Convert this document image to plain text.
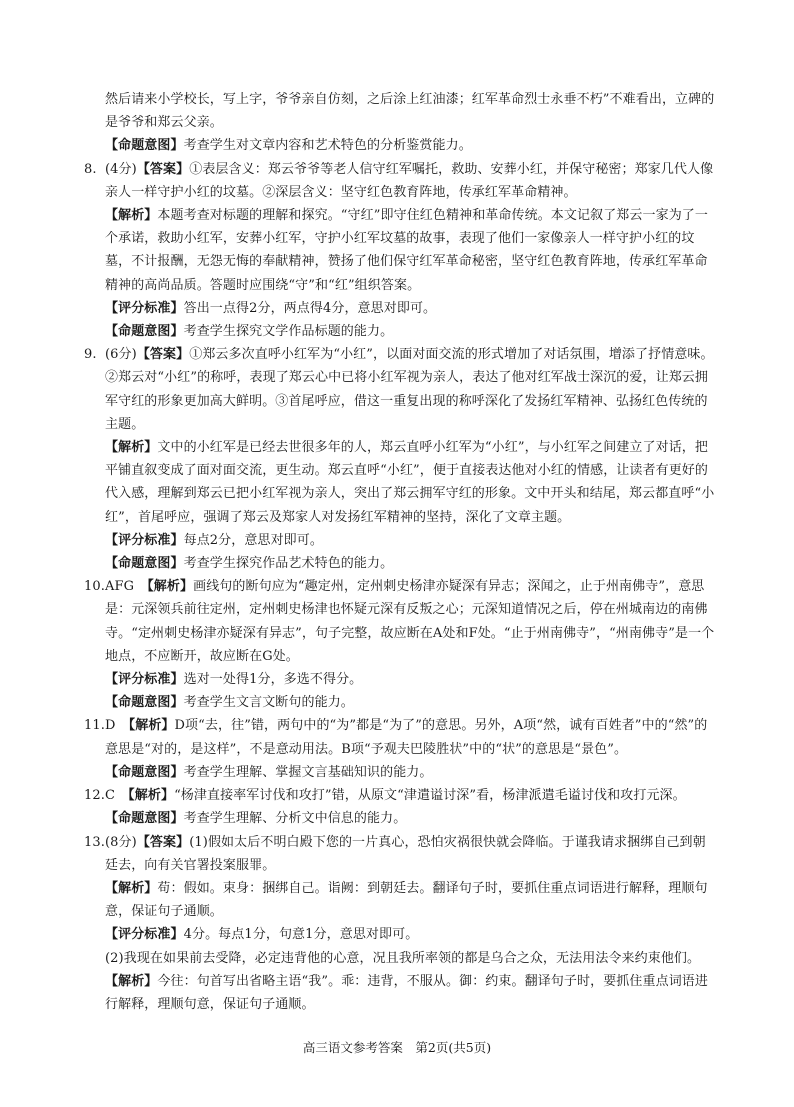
然后请来小学校长，写上字，爷爷亲自仿刻，之后涂上红油漆；红军革命烈士永垂不朽”不难看出，立碑的是爷爷和郑云父亲。

【命题意图】考查学生对文章内容和艺术特色的分析鉴赏能力。

8. (4分)【答案】①表层含义：郑云爷爷等老人信守红军嘱托，救助、安葬小红，并保守秘密；郑家几代人像亲人一样守护小红的坟墓。②深层含义：坚守红色教育阵地，传承红军革命精神。

【解析】本题考查对标题的理解和探究。“守红”即守住红色精神和革命传统。本文记叙了郑云一家为了一个承诺，救助小红军，安葬小红军，守护小红军坟墓的故事，表现了他们一家像亲人一样守护小红的坟墓，不计报酬，无怨无悔的奉献精神，赞扬了他们保守红军革命秘密，坚守红色教育阵地，传承红军革命精神的高尚品质。答题时应围绕“守”和“红”组织答案。

【评分标准】答出一点得2分，两点得4分，意思对即可。

【命题意图】考查学生探究文学作品标题的能力。

9. (6分)【答案】①郑云多次直呼小红军为“小红”，以面对面交流的形式增加了对话氛围，增添了抒情意味。②郑云对“小红”的称呼，表现了郑云心中已将小红军视为亲人，表达了他对红军战士深沉的爱，让郑云拥军守红的形象更加高大鲜明。③首尾呼应，借这一重复出现的称呼深化了发扬红军精神、弘扬红色传统的主题。

【解析】文中的小红军是已经去世很多年的人，郑云直呼小红军为“小红”，与小红军之间建立了对话，把平铺直叙变成了面对面交流，更生动。郑云直呼“小红”，便于直接表达他对小红的情感，让读者有更好的代入感，理解到郑云已把小红军视为亲人，突出了郑云拥军守红的形象。文中开头和结尾，郑云都直呼“小红”，首尾呼应，强调了郑云及郑家人对发扬红军精神的坚持，深化了文章主题。

【评分标准】每点2分，意思对即可。

【命题意图】考查学生探究作品艺术特色的能力。

10. AFG　【解析】画线句的断句应为“趣定州，定州刺史杨津亦疑深有异志；深闻之，止于州南佛寺”，意思是：元深领兵前往定州，定州刺史杨津也怀疑元深有反叛之心；元深知道情况之后，停在州城南边的南佛寺。“定州刺史杨津亦疑深有异志”，句子完整，故应断在A处和F处。“止于州南佛寺”，“州南佛寺”是一个地点，不应断开，故应断在G处。

【评分标准】选对一处得1分，多选不得分。

【命题意图】考查学生文言文断句的能力。

11. D　【解析】D项“去，往”错，两句中的“为”都是“为了”的意思。另外，A项“然，诚有百姓者”中的“然”的意思是“对的，是这样”，不是意动用法。B项“予观夫巴陵胜状”中的“状”的意思是“景色”。

【命题意图】考查学生理解、掌握文言基础知识的能力。

12. C　【解析】“杨津直接率军讨伐和攻打”错，从原文“津遣谥讨深”看，杨津派遣毛谥讨伐和攻打元深。

【命题意图】考查学生理解、分析文中信息的能力。

13. (8分)【答案】(1)假如太后不明白殿下您的一片真心，恐怕灾祸很快就会降临。于谨我请求捆绑自己到朝廷去，向有关官署投案服罪。

【解析】苟：假如。束身：捆绑自己。诣阙：到朝廷去。翻译句子时，要抓住重点词语进行解释，理顺句意，保证句子通顺。

【评分标准】4分。每点1分，句意1分，意思对即可。

(2)我现在如果前去受降，必定违背他的心意，况且我所率领的都是乌合之众，无法用法令来约束他们。

【解析】今往：句首写出省略主语“我”。乖：违背，不服从。御：约束。翻译句子时，要抓住重点词语进行解释，理顺句意，保证句子通顺。

高三语文参考答案　第2页(共5页)
